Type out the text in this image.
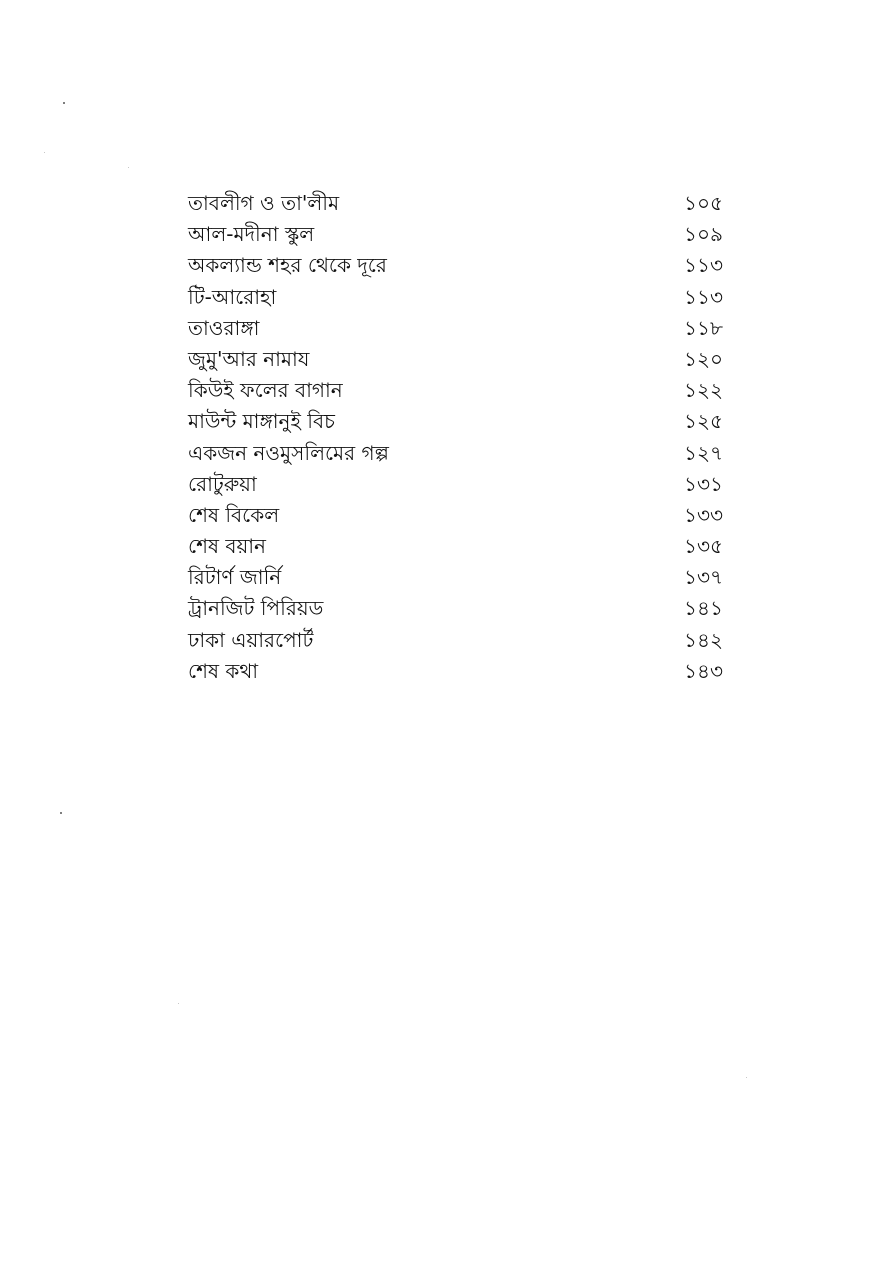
তাবলীগ ও তা'লীম	১০৫
আল-মদীনা স্কুল	১০৯
অকল্যান্ড শহর থেকে দূরে	১১৩
টি-আরোহা	১১৩
তাওরাঙ্গা	১১৮
জুমু'আর নামায	১২০
কিউই ফলের বাগান	১২২
মাউন্ট মাঙ্গানুই বিচ	১২৫
একজন নওমুসলিমের গল্প	১২৭
রোটুরুয়া	১৩১
শেষ বিকেল	১৩৩
শেষ বয়ান	১৩৫
রিটার্ণ জার্নি	১৩৭
ট্রানজিট পিরিয়ড	১৪১
ঢাকা এয়ারপোর্ট	১৪২
শেষ কথা	১৪৩
